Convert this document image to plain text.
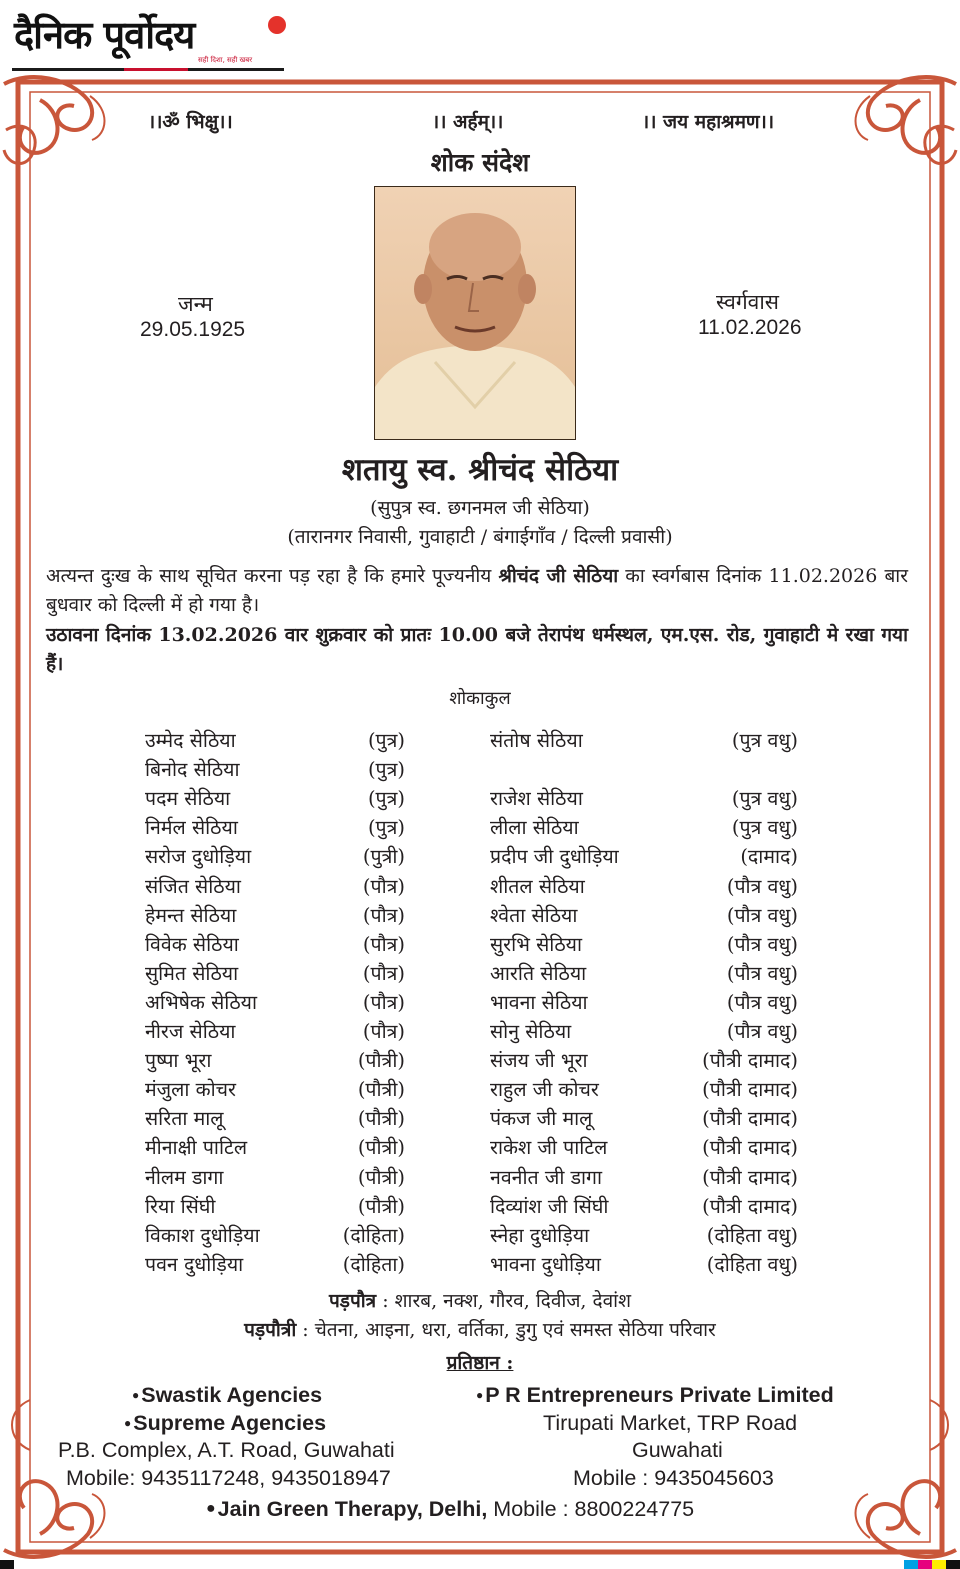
दैनिक पूर्वोदय
सही दिशा, सही खबर
।।ॐ भिक्षु।।	।। अर्हम्।।	।। जय महाश्रमण।।
शोक संदेश
जन्म
29.05.1925
स्वर्गवास
11.02.2026
शतायु स्व. श्रीचंद सेठिया
(सुपुत्र स्व. छगनमल जी सेठिया)
(तारानगर निवासी, गुवाहाटी / बंगाईगाँव / दिल्ली प्रवासी)
अत्यन्त दुःख के साथ सूचित करना पड़ रहा है कि हमारे पूज्यनीय श्रीचंद जी सेठिया का स्वर्गबास दिनांक 11.02.2026 बार बुधवार को दिल्ली में हो गया है।
उठावना दिनांक 13.02.2026 वार शुक्रवार को प्रातः 10.00 बजे तेरापंथ धर्मस्थल, एम.एस. रोड, गुवाहाटी मे रखा गया हैं।
शोकाकुल
उम्मेद सेठिया	(पुत्र)	संतोष सेठिया	(पुत्र वधु)
बिनोद सेठिया	(पुत्र)
पदम सेठिया	(पुत्र)	राजेश सेठिया	(पुत्र वधु)
निर्मल सेठिया	(पुत्र)	लीला सेठिया	(पुत्र वधु)
सरोज दुधोड़िया	(पुत्री)	प्रदीप जी दुधोड़िया	(दामाद)
संजित सेठिया	(पौत्र)	शीतल सेठिया	(पौत्र वधु)
हेमन्त सेठिया	(पौत्र)	श्वेता सेठिया	(पौत्र वधु)
विवेक सेठिया	(पौत्र)	सुरभि सेठिया	(पौत्र वधु)
सुमित सेठिया	(पौत्र)	आरति सेठिया	(पौत्र वधु)
अभिषेक सेठिया	(पौत्र)	भावना सेठिया	(पौत्र वधु)
नीरज सेठिया	(पौत्र)	सोनु सेठिया	(पौत्र वधु)
पुष्पा भूरा	(पौत्री)	संजय जी भूरा	(पौत्री दामाद)
मंजुला कोचर	(पौत्री)	राहुल जी कोचर	(पौत्री दामाद)
सरिता मालू	(पौत्री)	पंकज जी मालू	(पौत्री दामाद)
मीनाक्षी पाटिल	(पौत्री)	राकेश जी पाटिल	(पौत्री दामाद)
नीलम डागा	(पौत्री)	नवनीत जी डागा	(पौत्री दामाद)
रिया सिंघी	(पौत्री)	दिव्यांश जी सिंघी	(पौत्री दामाद)
विकाश दुधोड़िया	(दोहिता)	स्नेहा दुधोड़िया	(दोहिता वधु)
पवन दुधोड़िया	(दोहिता)	भावना दुधोड़िया	(दोहिता वधु)
पड़पौत्र : शारब, नक्श, गौरव, दिवीज, देवांश
पड़पौत्री : चेतना, आइना, धरा, वर्तिका, डुगु एवं समस्त सेठिया परिवार
प्रतिष्ठान :
●Swastik Agencies
●Supreme Agencies
P.B. Complex, A.T. Road, Guwahati
Mobile: 9435117248, 9435018947
●P R Entrepreneurs Private Limited
Tirupati Market, TRP Road
Guwahati
Mobile : 9435045603
●Jain Green Therapy, Delhi, Mobile : 8800224775
